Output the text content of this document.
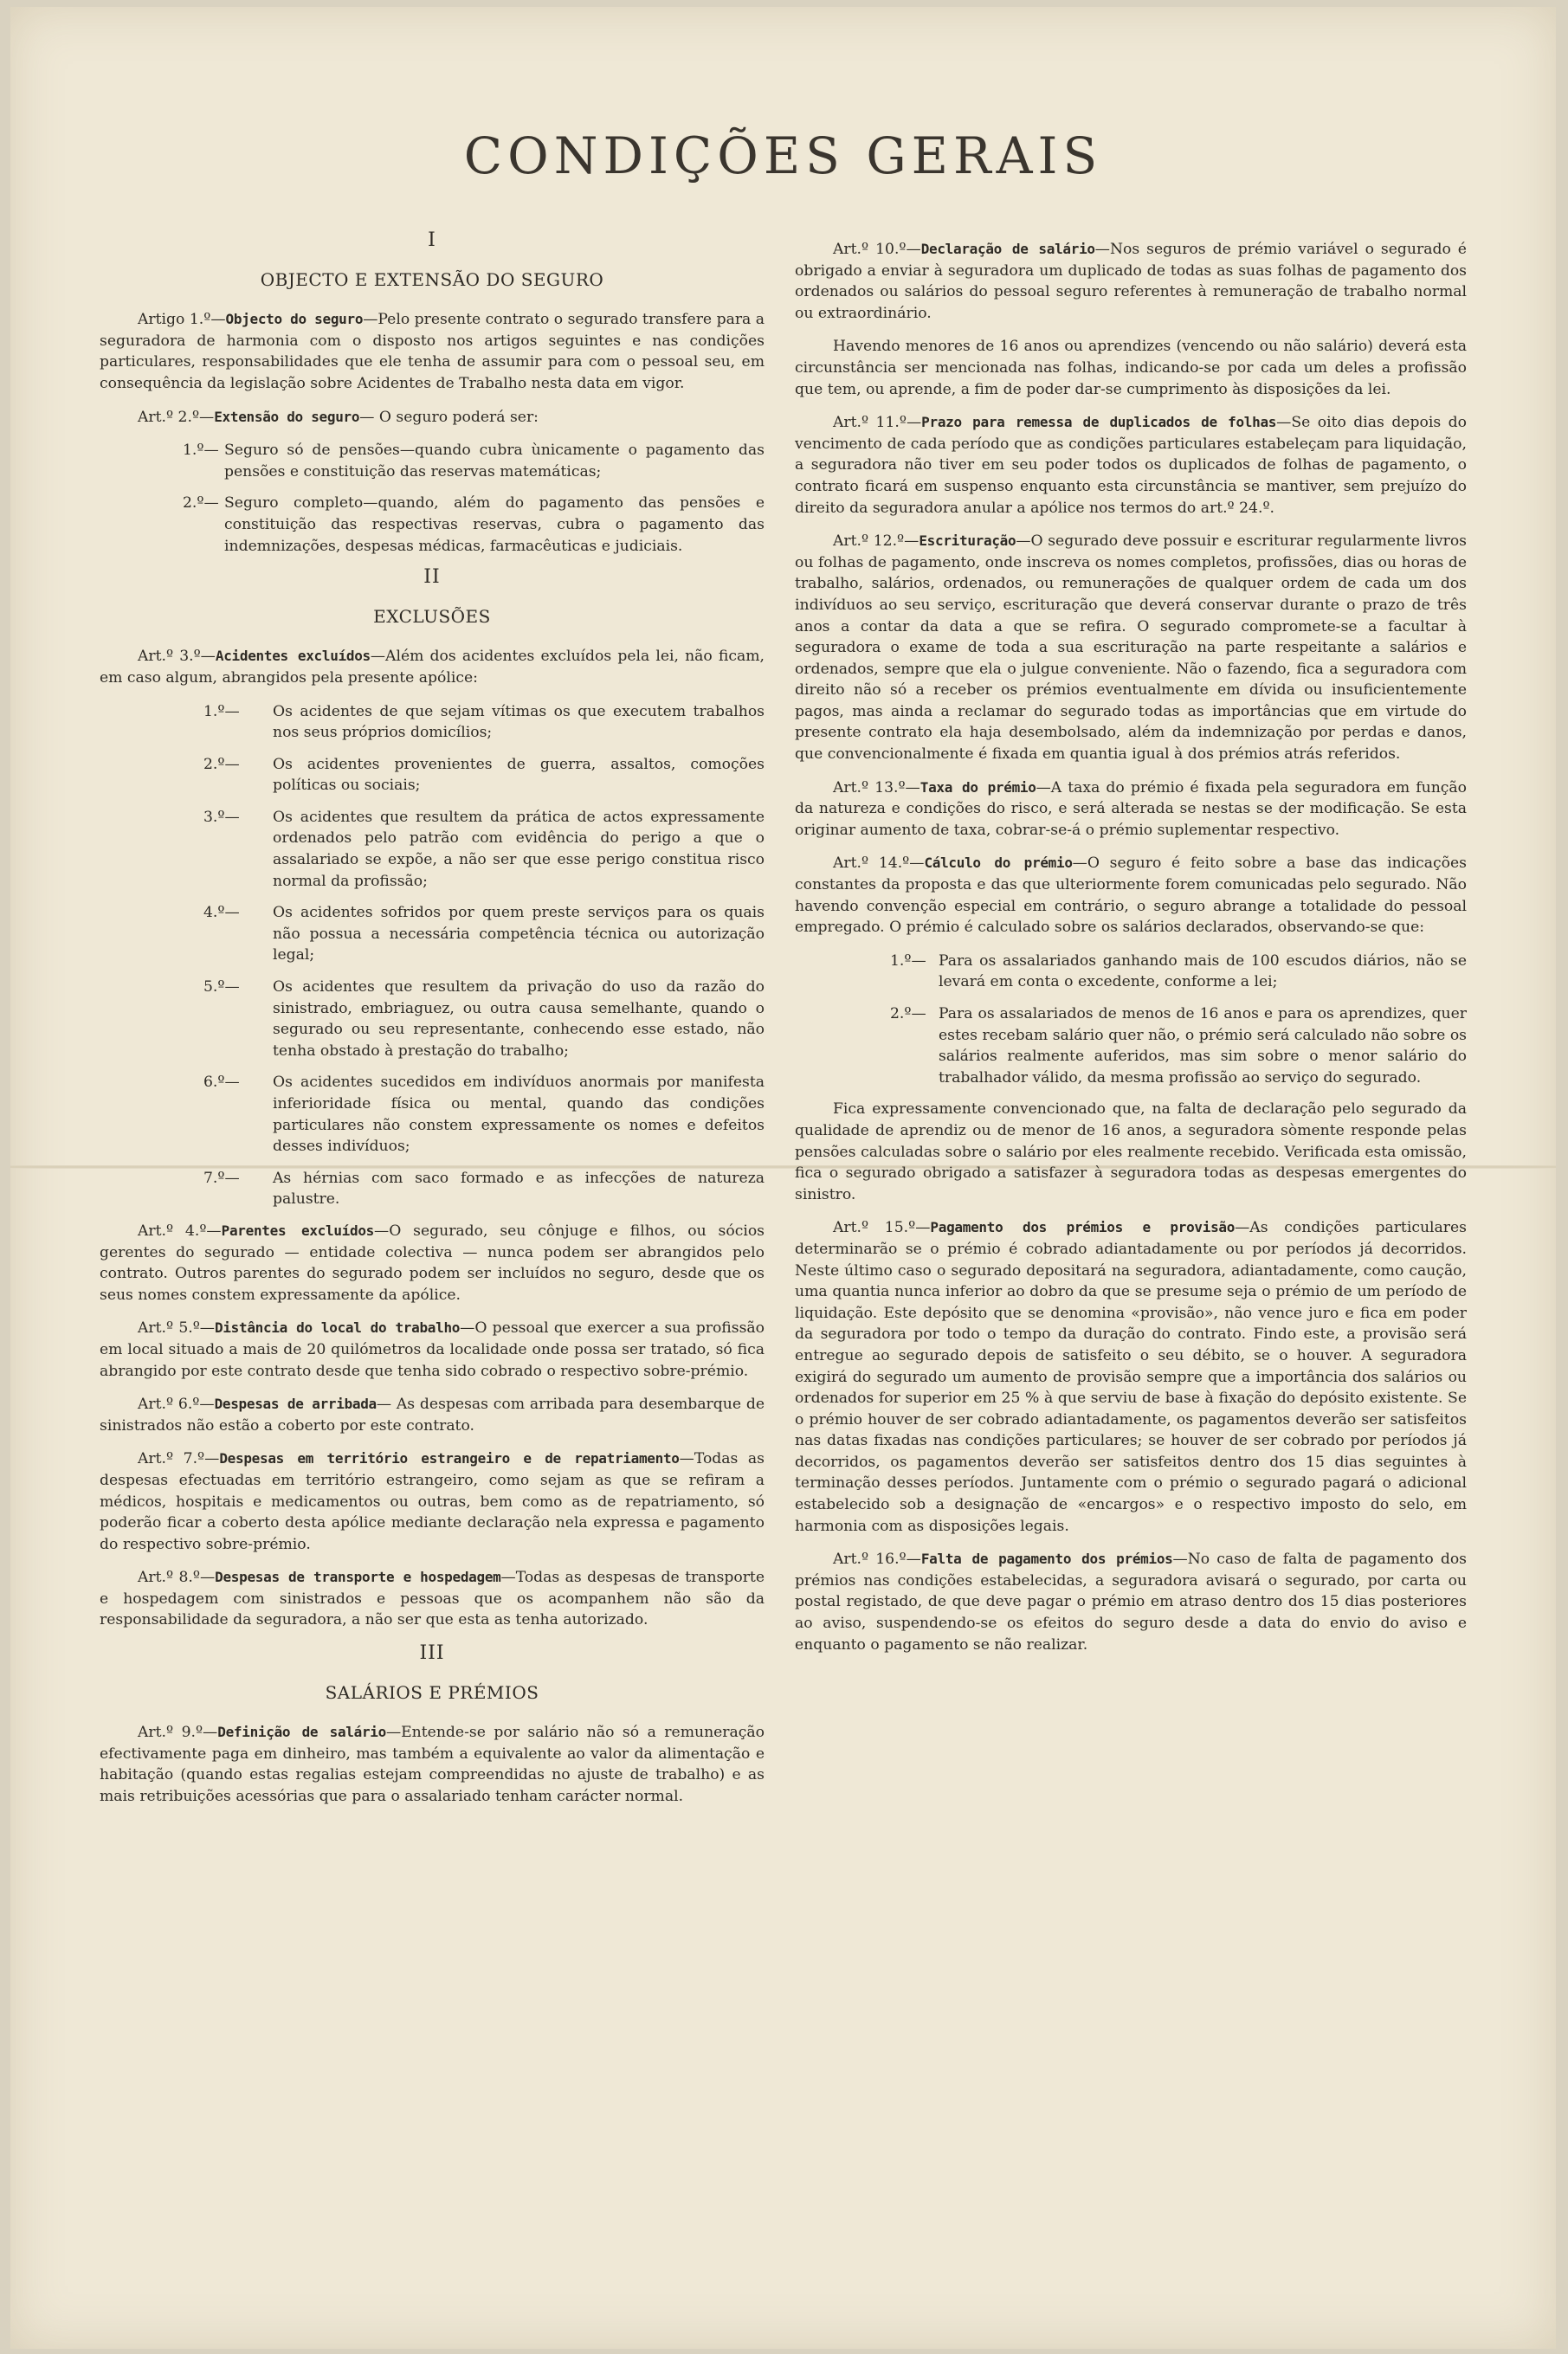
CONDIÇÕES GERAIS
I
OBJECTO E EXTENSÃO DO SEGURO

Artigo 1.º—Objecto do seguro—Pelo presente contrato o segurado transfere para a seguradora de harmonia com o disposto nos artigos seguintes e nas condições particulares, responsabilidades que ele tenha de assumir para com o pessoal seu, em consequência da legislação sobre Acidentes de Trabalho nesta data em vigor.

Art.º 2.º—Extensão do seguro— O seguro poderá ser:

1.º— Seguro só de pensões—quando cubra ùnicamente o pagamento das pensões e constituição das reservas matemáticas;
2.º— Seguro completo—quando, além do pagamento das pensões e constituição das respectivas reservas, cubra o pagamento das indemnizações, despesas médicas, farmacêuticas e judiciais.
II
EXCLUSÕES

Art.º 3.º—Acidentes excluídos—Além dos acidentes excluídos pela lei, não ficam, em caso algum, abrangidos pela presente apólice:

1.º— Os acidentes de que sejam vítimas os que executem trabalhos nos seus próprios domicílios;
2.º— Os acidentes provenientes de guerra, assaltos, comoções políticas ou sociais;
3.º— Os acidentes que resultem da prática de actos expressamente ordenados pelo patrão com evidência do perigo a que o assalariado se expõe, a não ser que esse perigo constitua risco normal da profissão;
4.º— Os acidentes sofridos por quem preste serviços para os quais não possua a necessária competência técnica ou autorização legal;
5.º— Os acidentes que resultem da privação do uso da razão do sinistrado, embriaguez, ou outra causa semelhante, quando o segurado ou seu representante, conhecendo esse estado, não tenha obstado à prestação do trabalho;
6.º— Os acidentes sucedidos em indivíduos anormais por manifesta inferioridade física ou mental, quando das condições particulares não constem expressamente os nomes e defeitos desses indivíduos;
7.º— As hérnias com saco formado e as infecções de natureza palustre.

Art.º 4.º—Parentes excluídos—O segurado, seu cônjuge e filhos, ou sócios gerentes do segurado — entidade colectiva — nunca podem ser abrangidos pelo contrato. Outros parentes do segurado podem ser incluídos no seguro, desde que os seus nomes constem expressamente da apólice.

Art.º 5.º—Distância do local do trabalho—O pessoal que exercer a sua profissão em local situado a mais de 20 quilómetros da localidade onde possa ser tratado, só fica abrangido por este contrato desde que tenha sido cobrado o respectivo sobre-prémio.

Art.º 6.º—Despesas de arribada— As despesas com arribada para desembarque de sinistrados não estão a coberto por este contrato.

Art.º 7.º—Despesas em território estrangeiro e de repatriamento—Todas as despesas efectuadas em território estrangeiro, como sejam as que se refiram a médicos, hospitais e medicamentos ou outras, bem como as de repatriamento, só poderão ficar a coberto desta apólice mediante declaração nela expressa e pagamento do respectivo sobre-prémio.

Art.º 8.º—Despesas de transporte e hospedagem—Todas as despesas de transporte e hospedagem com sinistrados e pessoas que os acompanhem não são da responsabilidade da seguradora, a não ser que esta as tenha autorizado.

III
SALÁRIOS E PRÉMIOS

Art.º 9.º—Definição de salário—Entende-se por salário não só a remuneração efectivamente paga em dinheiro, mas também a equivalente ao valor da alimentação e habitação (quando estas regalias estejam compreendidas no ajuste de trabalho) e as mais retribuições acessórias que para o assalariado tenham carácter normal.

Art.º 10.º—Declaração de salário—Nos seguros de prémio variável o segurado é obrigado a enviar à seguradora um duplicado de todas as suas folhas de pagamento dos ordenados ou salários do pessoal seguro referentes à remuneração de trabalho normal ou extraordinário.

Havendo menores de 16 anos ou aprendizes (vencendo ou não salário) deverá esta circunstância ser mencionada nas folhas, indicando-se por cada um deles a profissão que tem, ou aprende, a fim de poder dar-se cumprimento às disposições da lei.

Art.º 11.º—Prazo para remessa de duplicados de folhas—Se oito dias depois do vencimento de cada período que as condições particulares estabeleçam para liquidação, a seguradora não tiver em seu poder todos os duplicados de folhas de pagamento, o contrato ficará em suspenso enquanto esta circunstância se mantiver, sem prejuízo do direito da seguradora anular a apólice nos termos do art.º 24.º.

Art.º 12.º—Escrituração—O segurado deve possuir e escriturar regularmente livros ou folhas de pagamento, onde inscreva os nomes completos, profissões, dias ou horas de trabalho, salários, ordenados, ou remunerações de qualquer ordem de cada um dos indivíduos ao seu serviço, escrituração que deverá conservar durante o prazo de três anos a contar da data a que se refira. O segurado compromete-se a facultar à seguradora o exame de toda a sua escrituração na parte respeitante a salários e ordenados, sempre que ela o julgue conveniente. Não o fazendo, fica a seguradora com direito não só a receber os prémios eventualmente em dívida ou insuficientemente pagos, mas ainda a reclamar do segurado todas as importâncias que em virtude do presente contrato ela haja desembolsado, além da indemnização por perdas e danos, que convencionalmente é fixada em quantia igual à dos prémios atrás referidos.

Art.º 13.º—Taxa do prémio—A taxa do prémio é fixada pela seguradora em função da natureza e condições do risco, e será alterada se nestas se der modificação. Se esta originar aumento de taxa, cobrar-se-á o prémio suplementar respectivo.

Art.º 14.º—Cálculo do prémio—O seguro é feito sobre a base das indicações constantes da proposta e das que ulteriormente forem comunicadas pelo segurado. Não havendo convenção especial em contrário, o seguro abrange a totalidade do pessoal empregado. O prémio é calculado sobre os salários declarados, observando-se que:

1.º— Para os assalariados ganhando mais de 100 escudos diários, não se levará em conta o excedente, conforme a lei;
2.º— Para os assalariados de menos de 16 anos e para os aprendizes, quer estes recebam salário quer não, o prémio será calculado não sobre os salários realmente auferidos, mas sim sobre o menor salário do trabalhador válido, da mesma profissão ao serviço do segurado.

Fica expressamente convencionado que, na falta de declaração pelo segurado da qualidade de aprendiz ou de menor de 16 anos, a seguradora sòmente responde pelas pensões calculadas sobre o salário por eles realmente recebido. Verificada esta omissão, fica o segurado obrigado a satisfazer à seguradora todas as despesas emergentes do sinistro.

Art.º 15.º—Pagamento dos prémios e provisão—As condições particulares determinarão se o prémio é cobrado adiantadamente ou por períodos já decorridos. Neste último caso o segurado depositará na seguradora, adiantadamente, como caução, uma quantia nunca inferior ao dobro da que se presume seja o prémio de um período de liquidação. Este depósito que se denomina «provisão», não vence juro e fica em poder da seguradora por todo o tempo da duração do contrato. Findo este, a provisão será entregue ao segurado depois de satisfeito o seu débito, se o houver. A seguradora exigirá do segurado um aumento de provisão sempre que a importância dos salários ou ordenados for superior em 25 % à que serviu de base à fixação do depósito existente. Se o prémio houver de ser cobrado adiantadamente, os pagamentos deverão ser satisfeitos nas datas fixadas nas condições particulares; se houver de ser cobrado por períodos já decorridos, os pagamentos deverão ser satisfeitos dentro dos 15 dias seguintes à terminação desses períodos. Juntamente com o prémio o segurado pagará o adicional estabelecido sob a designação de «encargos» e o respectivo imposto do selo, em harmonia com as disposições legais.

Art.º 16.º—Falta de pagamento dos prémios—No caso de falta de pagamento dos prémios nas condições estabelecidas, a seguradora avisará o segurado, por carta ou postal registado, de que deve pagar o prémio em atraso dentro dos 15 dias posteriores ao aviso, suspendendo-se os efeitos do seguro desde a data do envio do aviso e enquanto o pagamento se não realizar.
